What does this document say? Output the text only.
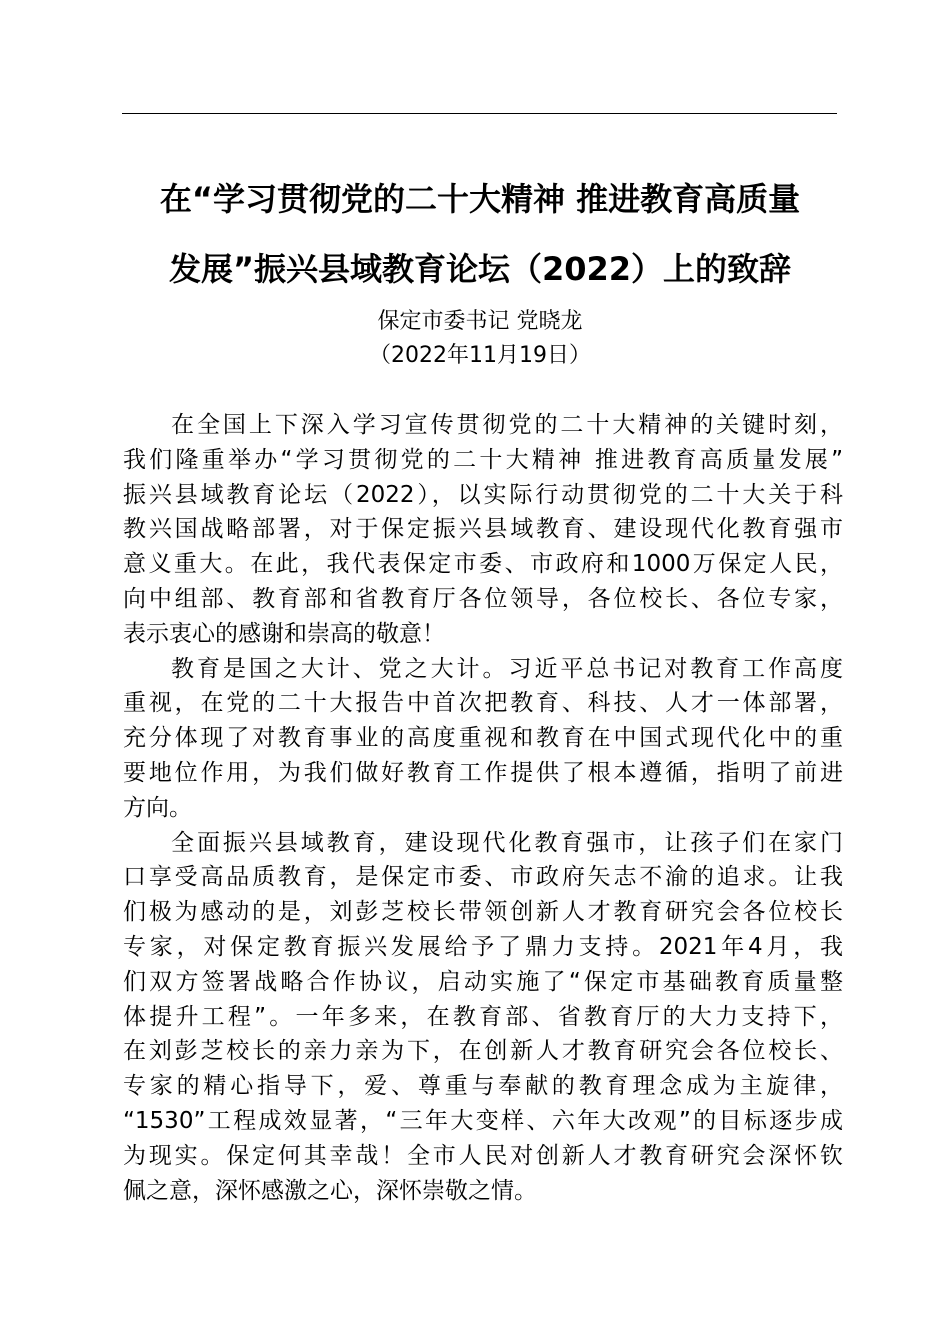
在“学习贯彻党的二十大精神 推进教育高质量
发展”振兴县域教育论坛（2022）上的致辞
保定市委书记 党晓龙
（2022年11月19日）
在全国上下深入学习宣传贯彻党的二十大精神的关键时刻，
我们隆重举办“学习贯彻党的二十大精神 推进教育高质量发展”
振兴县域教育论坛（2022），以实际行动贯彻党的二十大关于科
教兴国战略部署，对于保定振兴县域教育、建设现代化教育强市
意义重大。在此，我代表保定市委、市政府和1000万保定人民，
向中组部、教育部和省教育厅各位领导，各位校长、各位专家，
表示衷心的感谢和崇高的敬意！
教育是国之大计、党之大计。习近平总书记对教育工作高度
重视，在党的二十大报告中首次把教育、科技、人才一体部署，
充分体现了对教育事业的高度重视和教育在中国式现代化中的重
要地位作用，为我们做好教育工作提供了根本遵循，指明了前进
方向。
全面振兴县域教育，建设现代化教育强市，让孩子们在家门
口享受高品质教育，是保定市委、市政府矢志不渝的追求。让我
们极为感动的是，刘彭芝校长带领创新人才教育研究会各位校长
专家，对保定教育振兴发展给予了鼎力支持。2021年4月，我
们双方签署战略合作协议，启动实施了“保定市基础教育质量整
体提升工程”。一年多来，在教育部、省教育厅的大力支持下，
在刘彭芝校长的亲力亲为下，在创新人才教育研究会各位校长、
专家的精心指导下，爱、尊重与奉献的教育理念成为主旋律，
“1530”工程成效显著，“三年大变样、六年大改观”的目标逐步成
为现实。保定何其幸哉！全市人民对创新人才教育研究会深怀钦
佩之意，深怀感激之心，深怀崇敬之情。
